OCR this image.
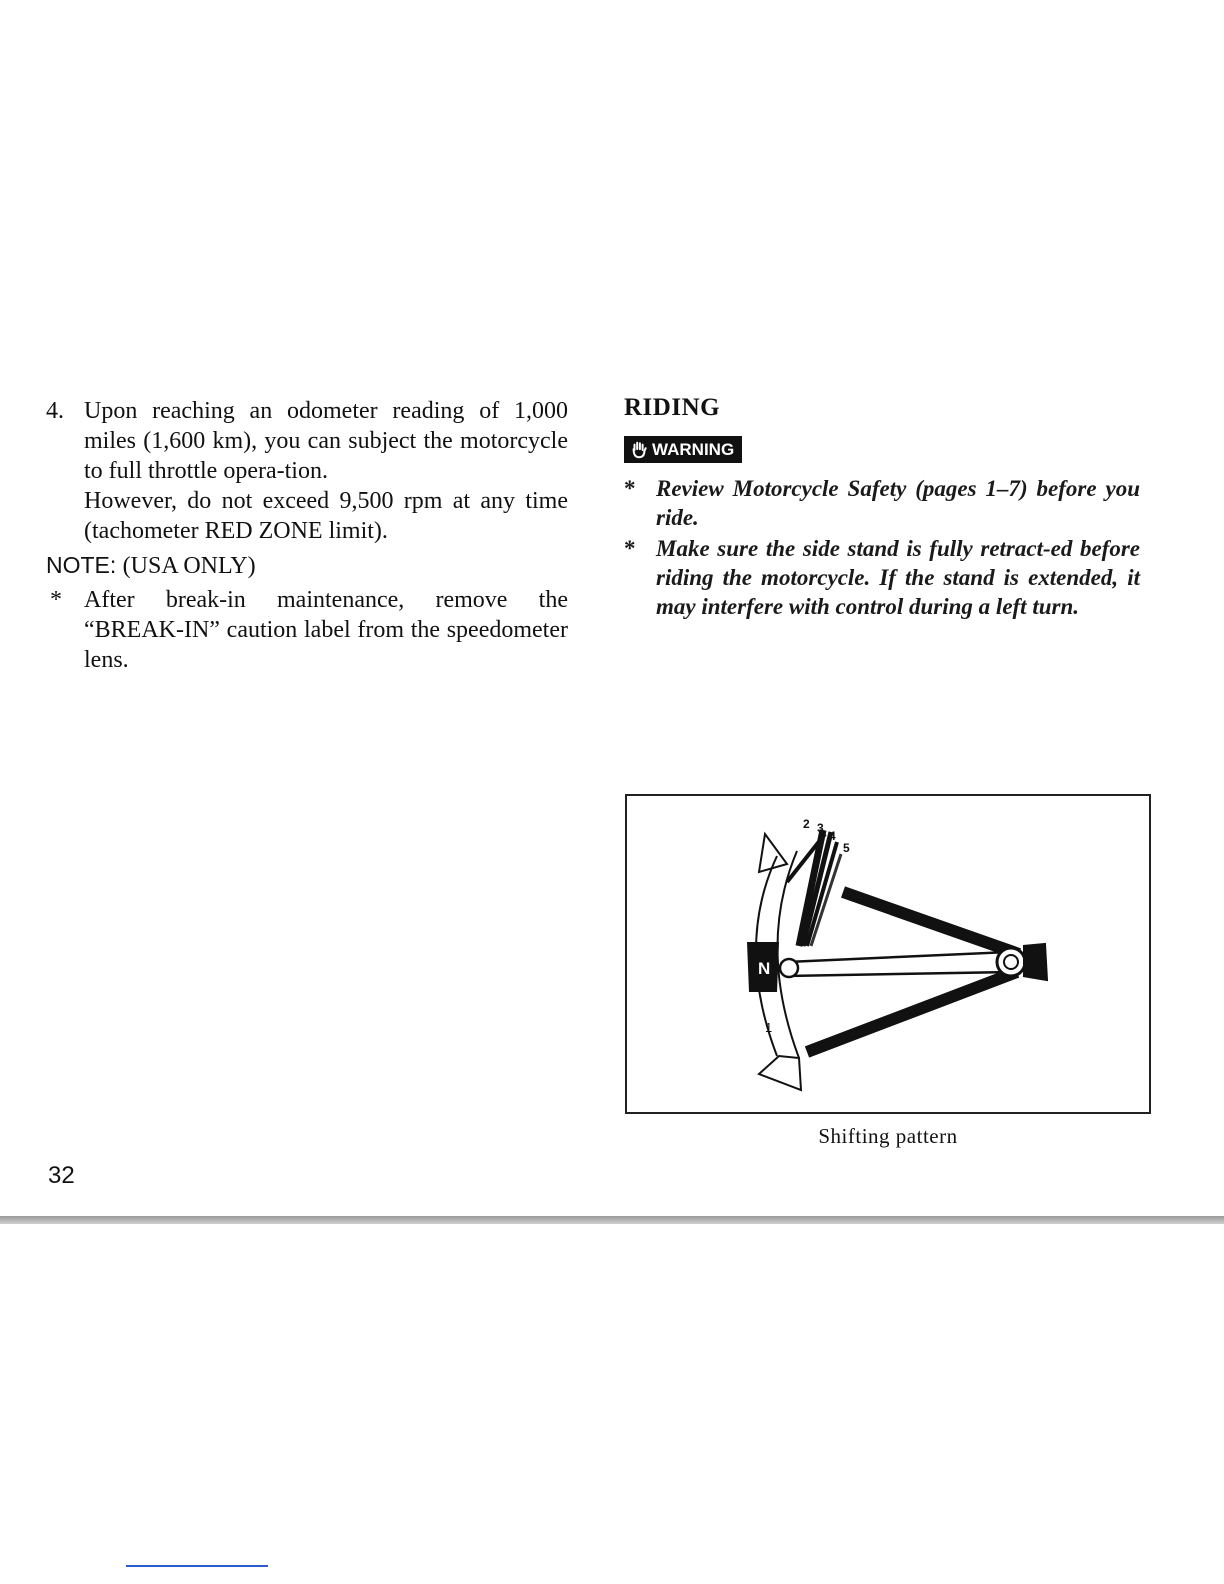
4. Upon reaching an odometer reading of 1,000 miles (1,600 km), you can subject the motorcycle to full throttle opera-tion.

However, do not exceed 9,500 rpm at any time (tachometer RED ZONE limit).

NOTE: (USA ONLY)
* After break-in maintenance, remove the “BREAK-IN” caution label from the speedometer lens.
RIDING
WARNING
* Review Motorcycle Safety (pages 1–7) before you ride.
* Make sure the side stand is fully retract-ed before riding the motorcycle. If the stand is extended, it may interfere with control during a left turn.
N
1
2 3
4
5
Shifting pattern
32
